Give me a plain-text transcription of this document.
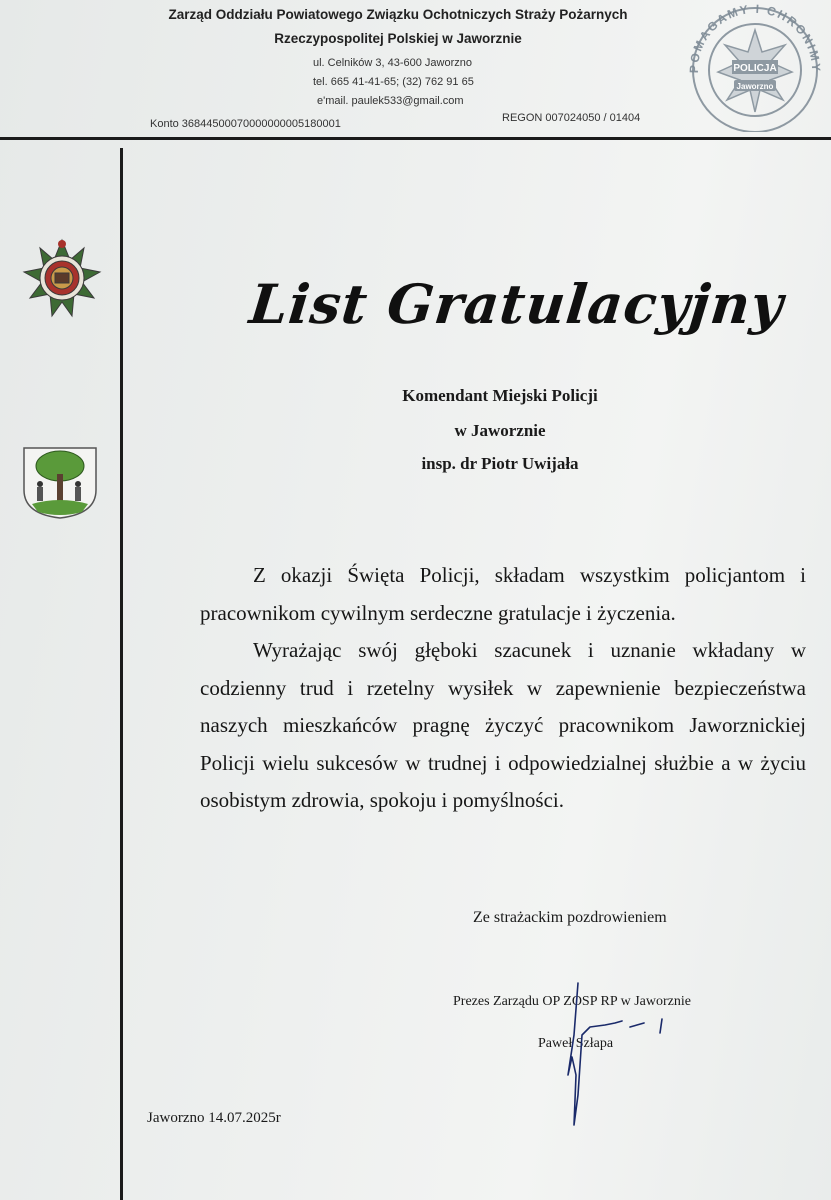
Zarząd Oddziału Powiatowego Związku Ochotniczych Straży Pożarnych
Rzeczypospolitej Polskiej w Jaworznie
ul. Celników 3, 43-600 Jaworzno
tel. 665 41-41-65; (32) 762 91 65
e'mail. paulek533@gmail.com
Konto 36844500070000000005180001	REGON 007024050 / 01404
POMAGAMY I CHRONIMY
POLICJA
Jaworzno
List Gratulacyjny
Komendant Miejski Policji
w Jaworznie
insp. dr Piotr Uwijała

Z okazji Święta Policji, składam wszystkim policjantom i pracownikom cywilnym serdeczne gratulacje i życzenia.

Wyrażając swój głęboki szacunek i uznanie wkładany w codzienny trud i rzetelny wysiłek w zapewnienie bezpieczeństwa naszych mieszkańców pragnę życzyć pracownikom Jaworznickiej Policji wielu sukcesów w trudnej i odpowiedzialnej służbie a w życiu osobistym zdrowia, spokoju i pomyślności.

Ze strażackim pozdrowieniem
Prezes Zarządu OP ZOSP RP w Jaworznie
Paweł Szłapa
Jaworzno 14.07.2025r
